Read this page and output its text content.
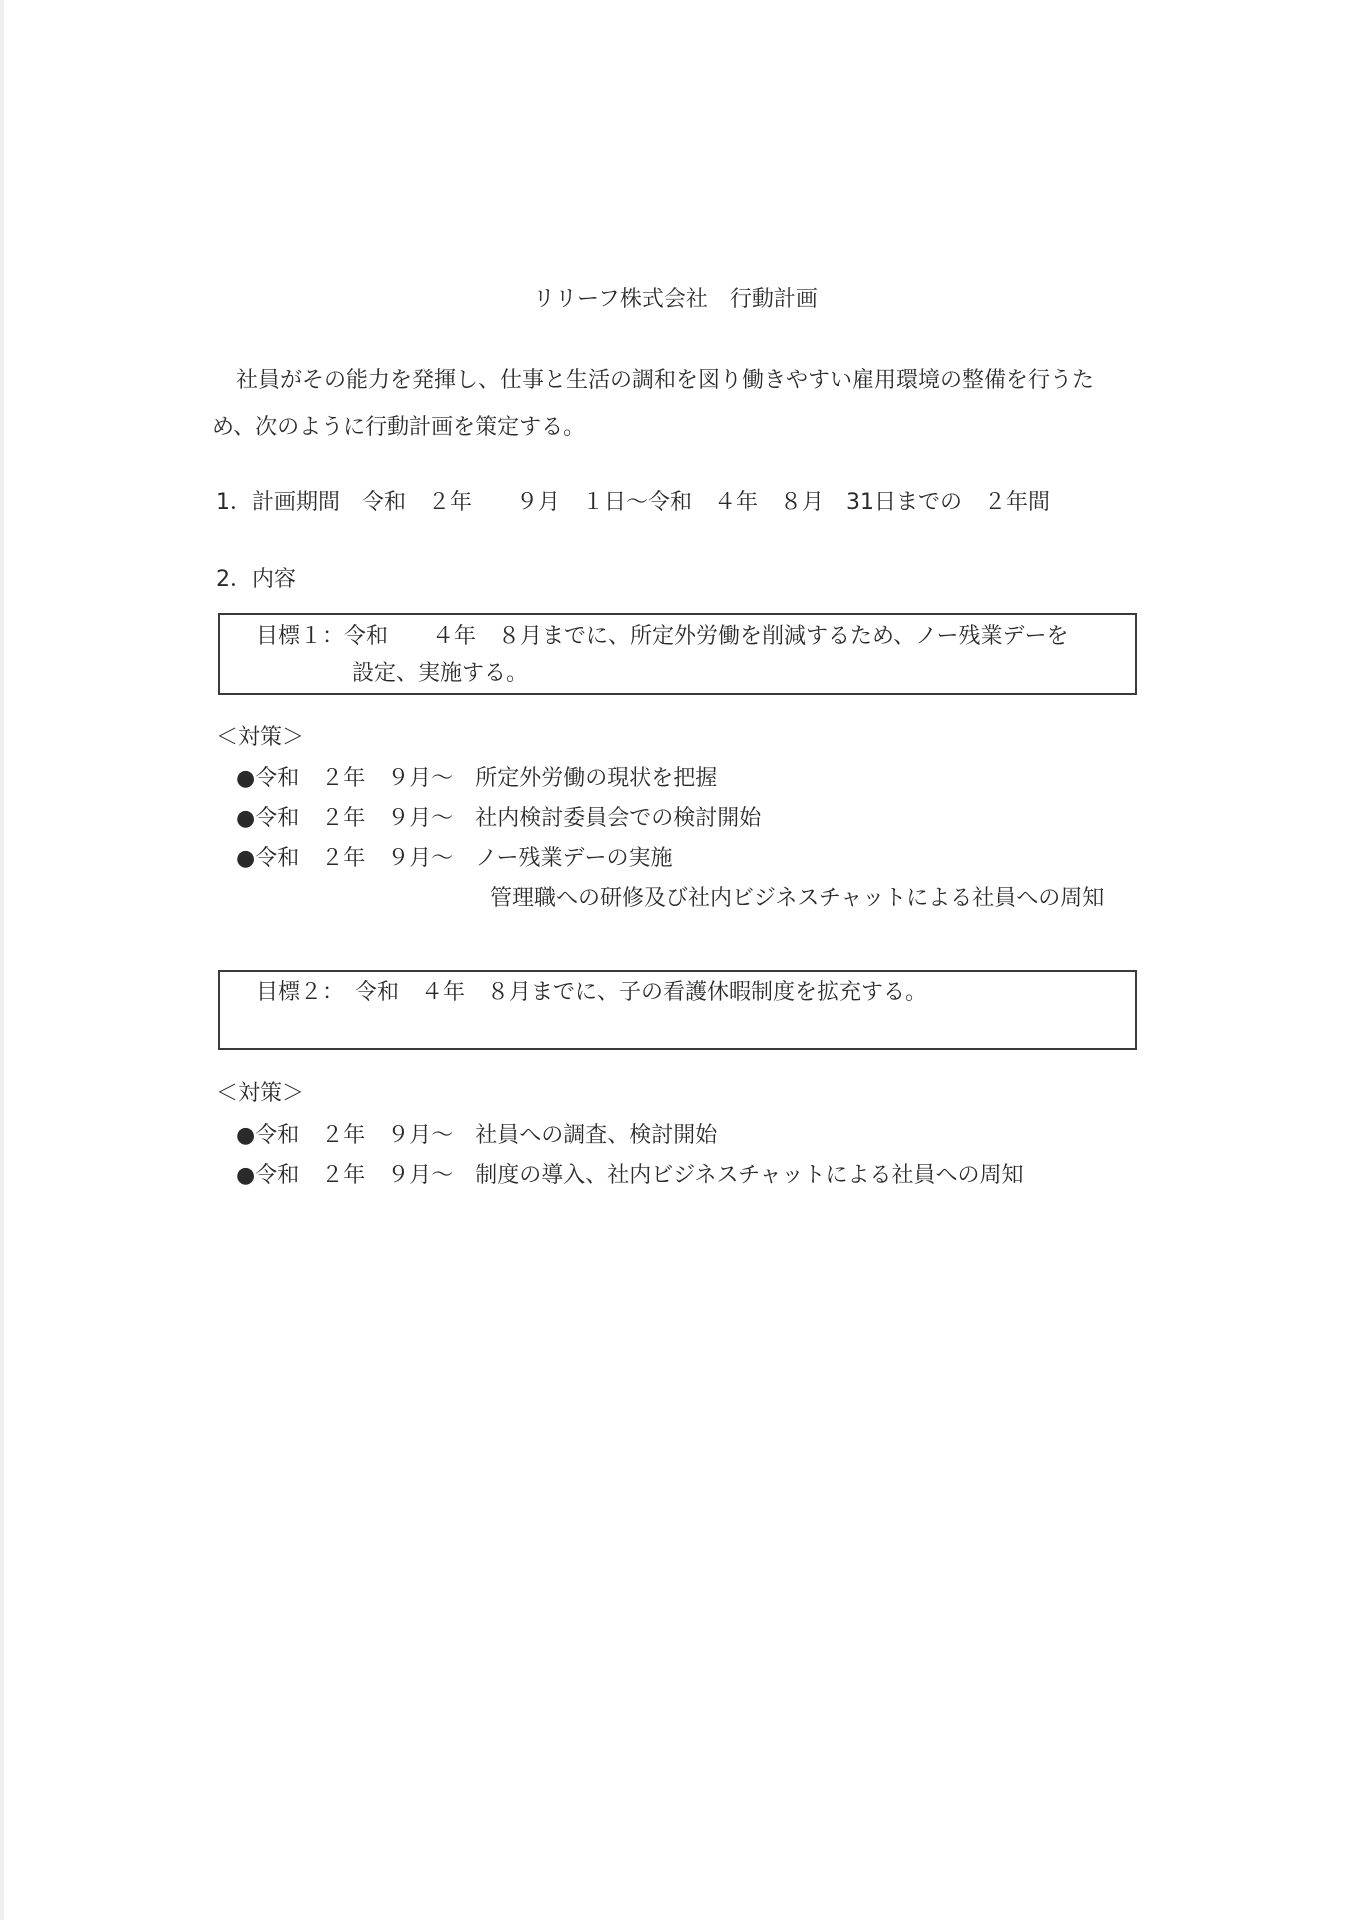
リリーフ株式会社　行動計画
社員がその能力を発揮し、仕事と生活の調和を図り働きやすい雇用環境の整備を行うた
め、次のように行動計画を策定する。
1．計画期間　令和　２年　　９月　１日～令和　４年　８月　31日までの　２年間
2．内容
目標１：令和　　４年　８月までに、所定外労働を削減するため、ノー残業デーを
設定、実施する。
＜対策＞
●令和　２年　９月～　所定外労働の現状を把握
●令和　２年　９月～　社内検討委員会での検討開始
●令和　２年　９月～　ノー残業デーの実施
管理職への研修及び社内ビジネスチャットによる社員への周知
目標２：　令和　４年　８月までに、子の看護休暇制度を拡充する。
＜対策＞
●令和　２年　９月～　社員への調査、検討開始
●令和　２年　９月～　制度の導入、社内ビジネスチャットによる社員への周知
